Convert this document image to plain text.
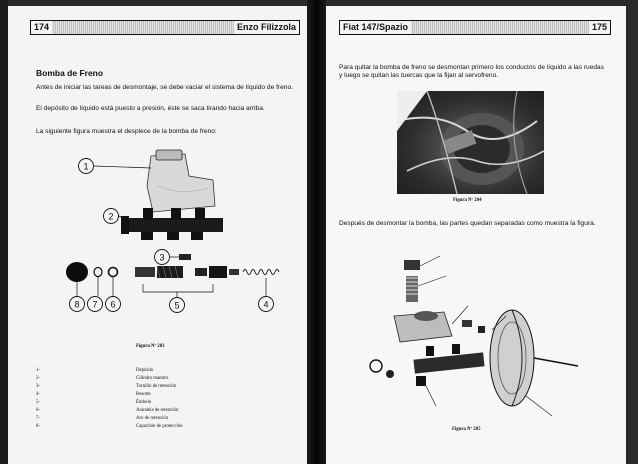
174	Enzo Filizzola
Bomba de Freno
Antes de iniciar las tareas de desmontaje, se debe vaciar el sistema de líquido de freno.
El depósito de líquido está puesto a presión, éste se saca tirando hacia arriba.
La siguiente figura muestra el desplece de la bomba de freno:
1
2
3
4
5
6
7
8
Figura Nº 203
1-	Depósito
2-	Cilindro maestro
3-	Tornillo de retención
4-	Resorte
5-	Émbolo
6-	Arandela de retención
7-	Aro de retención
8-	Capuchón de protección
Fiat 147/Spazio	175
Para quitar la bomba de freno se desmontan primero los conductos de líquido a las ruedas y luego se quitan las tuercas que la fijan al servofreno.
Figura Nº 204
Después de desmontar la bomba, las partes quedan separadas como muestra la figura.
Figura Nº 205
